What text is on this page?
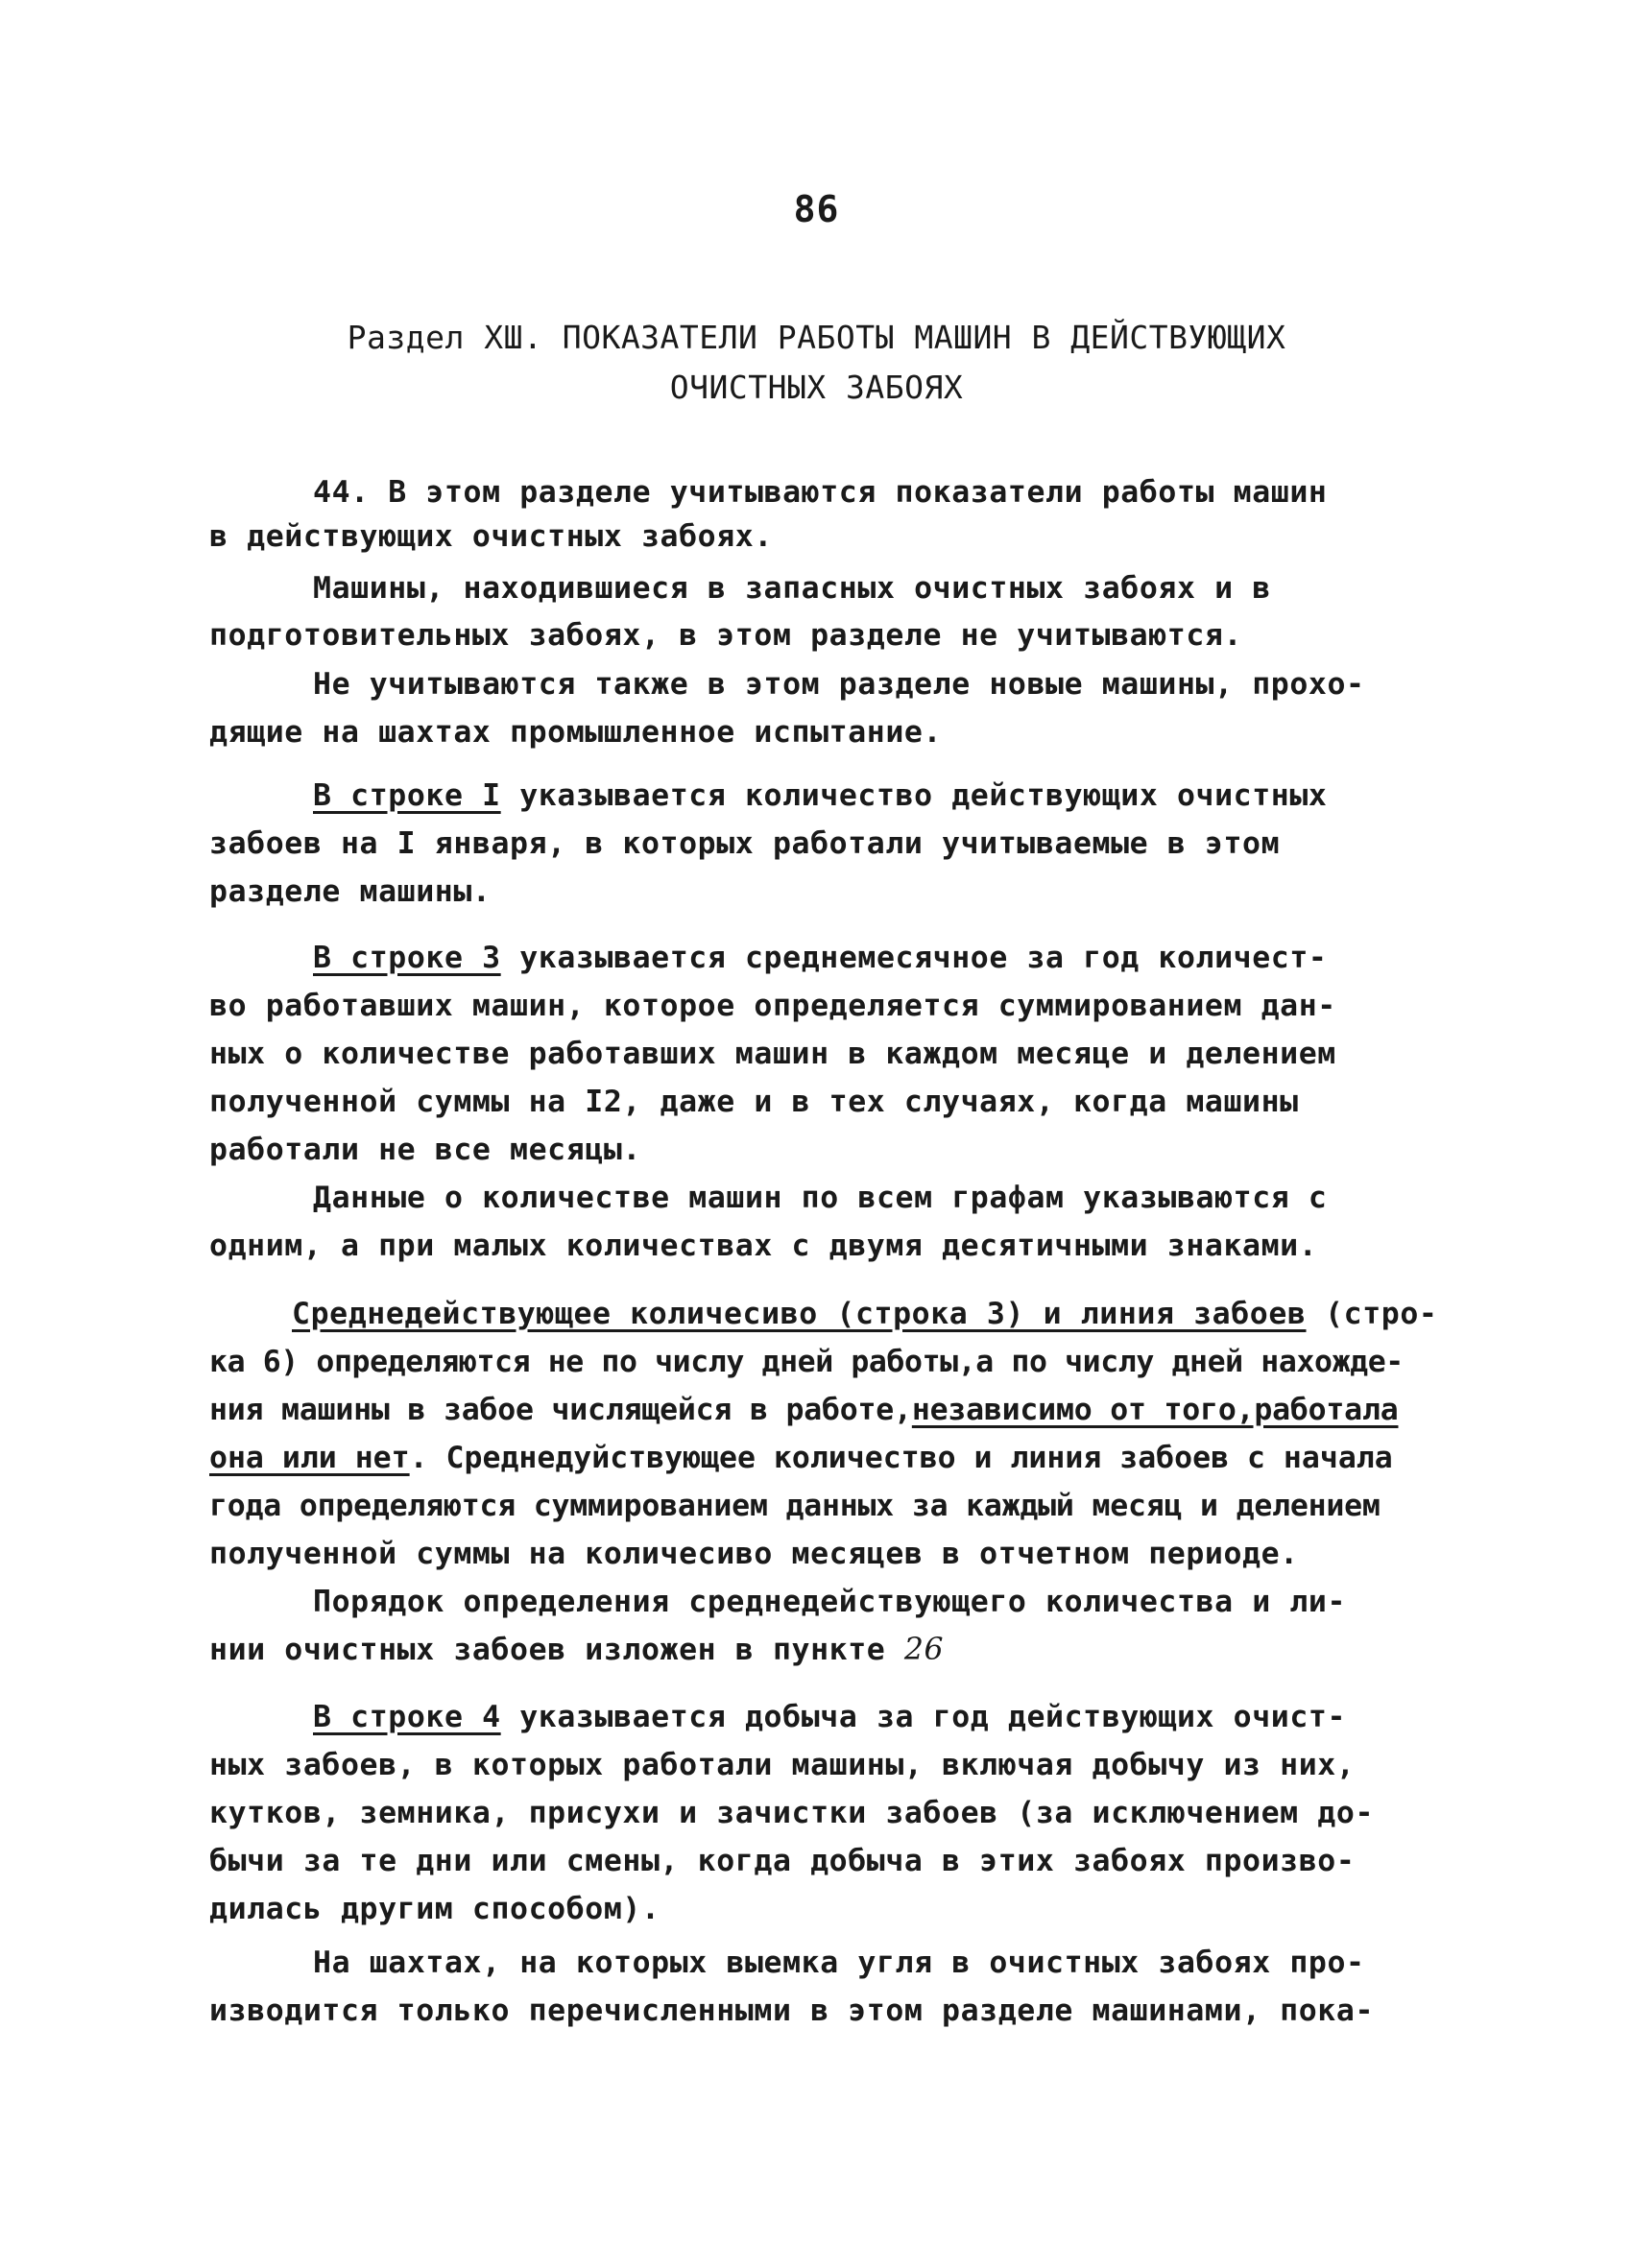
86
Раздел ХШ. ПОКАЗАТЕЛИ РАБОТЫ МАШИН В ДЕЙСТВУЮЩИХ
ОЧИСТНЫХ ЗАБОЯХ
44. В этом разделе учитываются показатели работы машин
в действующих очистных забоях.
Машины, находившиеся в запасных очистных забоях и в
подготовительных забоях, в этом разделе не учитываются.
Не учитываются также в этом разделе новые машины, прохо-
дящие на шахтах промышленное испытание.
В строке I указывается количество действующих очистных
забоев на I января, в которых работали учитываемые в этом
разделе машины.
В строке 3 указывается среднемесячное за год количест-
во работавших машин, которое определяется суммированием дан-
ных о количестве работавших машин в каждом месяце и делением
полученной суммы на I2, даже и в тех случаях, когда машины
работали не все месяцы.
Данные о количестве машин по всем графам указываются с
одним, а при малых количествах с двумя десятичными знаками.
Среднедействующее количесиво (строка 3) и линия забоев (стро-
ка 6) определяются не по числу дней работы,а по числу дней нахожде-
ния машины в забое числящейся в работе,независимо от того,работала
она или нет. Среднедуйствующее количество и линия забоев с начала
года определяются суммированием данных за каждый месяц и делением
полученной суммы на количесиво месяцев в отчетном периоде.
Порядок определения среднедействующего количества и ли-
нии очистных забоев изложен в пункте 26
В строке 4 указывается добыча за год действующих очист-
ных забоев, в которых работали машины, включая добычу из них,
кутков, земника, присухи и зачистки забоев (за исключением до-
бычи за те дни или смены, когда добыча в этих забоях произво-
дилась другим способом).
На шахтах, на которых выемка угля в очистных забоях про-
изводится только перечисленными в этом разделе машинами, пока-
